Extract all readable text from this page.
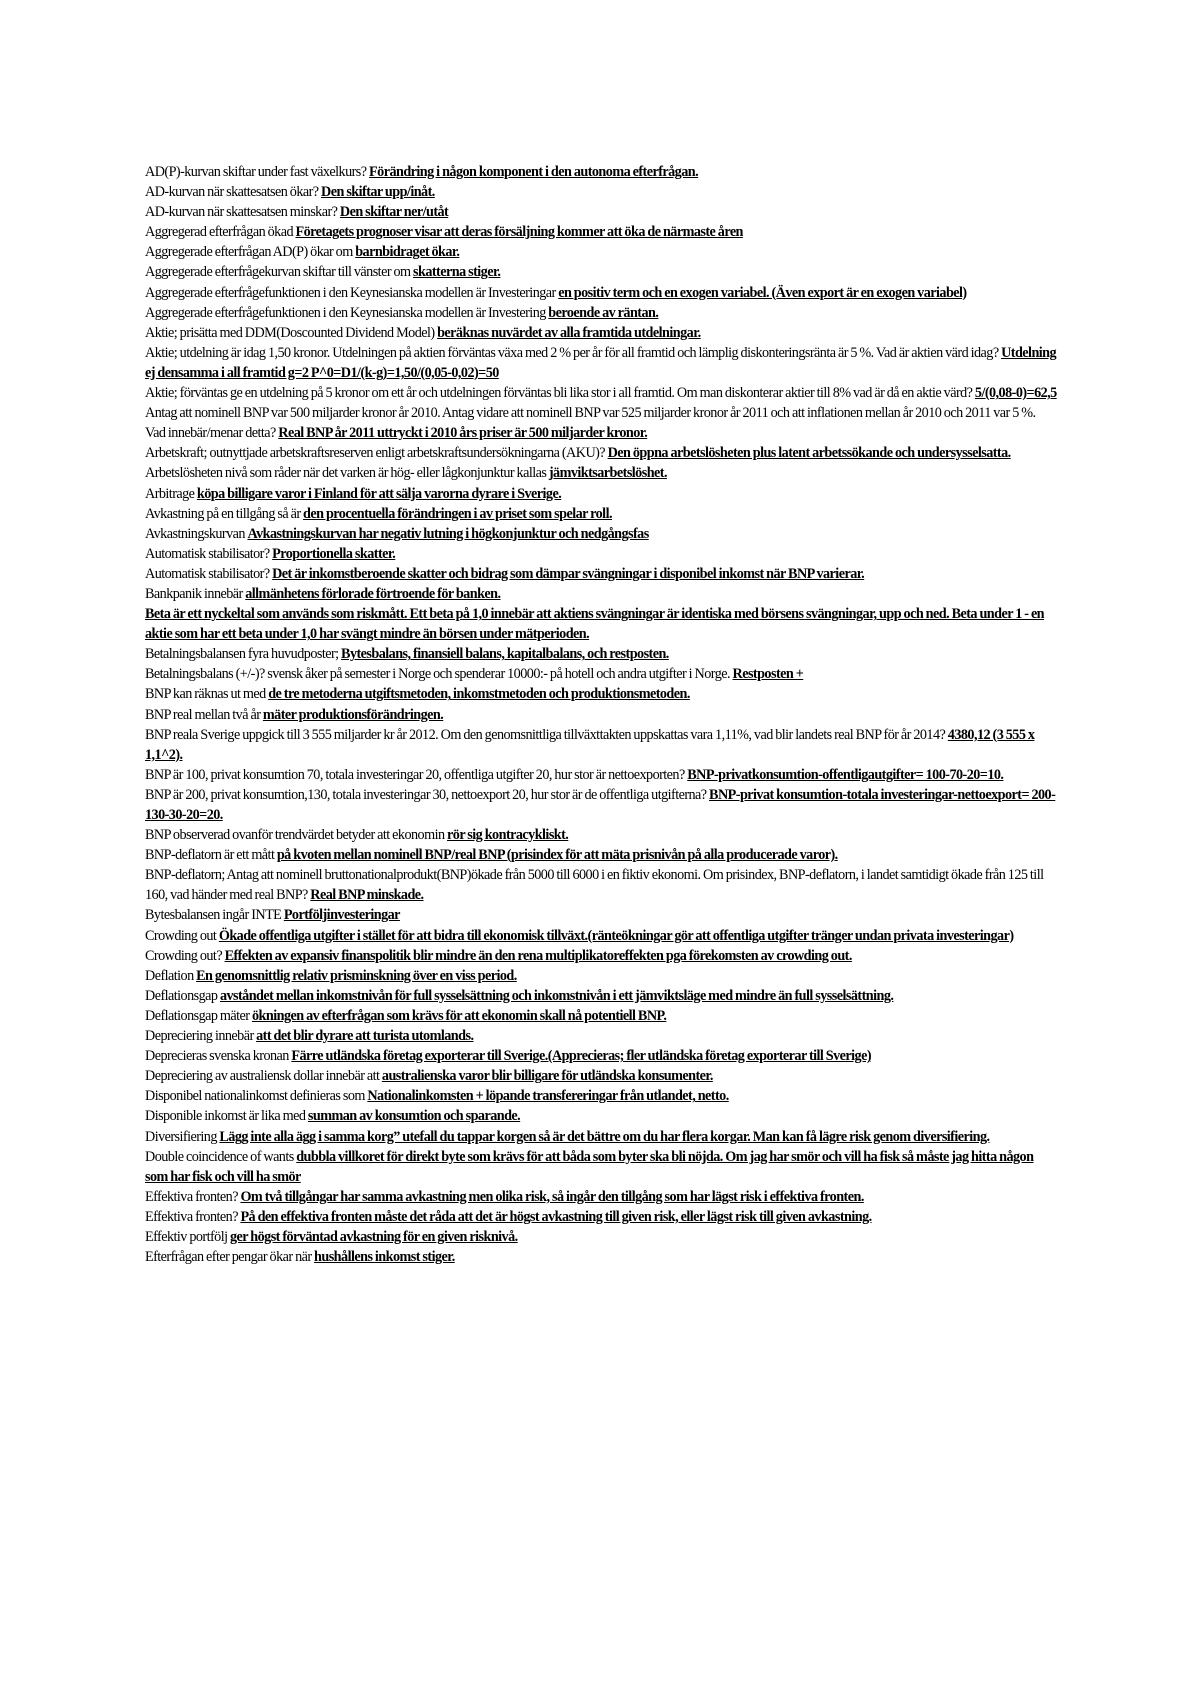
AD(P)-kurvan skiftar under fast växelkurs? Förändring i någon komponent i den autonoma efterfrågan.
AD-kurvan när skattesatsen ökar? Den skiftar upp/inåt.
AD-kurvan när skattesatsen minskar? Den skiftar ner/utåt
Aggregerad efterfrågan ökad Företagets prognoser visar att deras försäljning kommer att öka de närmaste åren
Aggregerade efterfrågan AD(P) ökar om barnbidraget ökar.
Aggregerade efterfrågekurvan skiftar till vänster om skatterna stiger.
Aggregerade efterfrågefunktionen i den Keynesianska modellen är Investeringar en positiv term och en exogen variabel. (Även export är en exogen variabel)
Aggregerade efterfrågefunktionen i den Keynesianska modellen är Investering beroende av räntan.
Aktie; prisätta med DDM(Doscounted Dividend Model) beräknas nuvärdet av alla framtida utdelningar.
Aktie; utdelning är idag 1,50 kronor. Utdelningen på aktien förväntas växa med 2 % per år för all framtid och lämplig diskonteringsränta är 5 %. Vad är aktien värd idag? Utdelning ej densamma i all framtid g=2 P^0=D1/(k-g)=1,50/(0,05-0,02)=50
Aktie; förväntas ge en utdelning på 5 kronor om ett år och utdelningen förväntas bli lika stor i all framtid. Om man diskonterar aktier till 8% vad är då en aktie värd? 5/(0,08-0)=62,5
Antag att nominell BNP var 500 miljarder kronor år 2010. Antag vidare att nominell BNP var 525 miljarder kronor år 2011 och att inflationen mellan år 2010 och 2011 var 5 %. Vad innebär/menar detta? Real BNP år 2011 uttryckt i 2010 års priser är 500 miljarder kronor.
Arbetskraft; outnyttjade arbetskraftsreserven enligt arbetskraftsundersökningarna (AKU)? Den öppna arbetslösheten plus latent arbetssökande och undersysselsatta.
Arbetslösheten nivå som råder när det varken är hög- eller lågkonjunktur kallas jämviktsarbetslöshet.
Arbitrage köpa billigare varor i Finland för att sälja varorna dyrare i Sverige.
Avkastning på en tillgång så är den procentuella förändringen i av priset som spelar roll.
Avkastningskurvan Avkastningskurvan har negativ lutning i högkonjunktur och nedgångsfas
Automatisk stabilisator? Proportionella skatter.
Automatisk stabilisator? Det är inkomstberoende skatter och bidrag som dämpar svängningar i disponibel inkomst när BNP varierar.
Bankpanik innebär allmänhetens förlorade förtroende för banken.
Beta är ett nyckeltal som används som riskmått. Ett beta på 1,0 innebär att aktiens svängningar är identiska med börsens svängningar, upp och ned. Beta under 1 - en aktie som har ett beta under 1,0 har svängt mindre än börsen under mätperioden.
Betalningsbalansen fyra huvudposter; Bytesbalans, finansiell balans, kapitalbalans, och restposten.
Betalningsbalans (+/-)? svensk åker på semester i Norge och spenderar 10000:- på hotell och andra utgifter i Norge. Restposten +
BNP kan räknas ut med de tre metoderna utgiftsmetoden, inkomstmetoden och produktionsmetoden.
BNP real mellan två år mäter produktionsförändringen.
BNP reala Sverige uppgick till 3 555 miljarder kr år 2012. Om den genomsnittliga tillväxttakten uppskattas vara 1,11%, vad blir landets real BNP för år 2014? 4380,12 (3 555 x 1,1^2).
BNP är 100, privat konsumtion 70, totala investeringar 20, offentliga utgifter 20, hur stor är nettoexporten? BNP-privatkonsumtion-offentligautgifter= 100-70-20=10.
BNP är 200, privat konsumtion,130, totala investeringar 30, nettoexport 20, hur stor är de offentliga utgifterna? BNP-privat konsumtion-totala investeringar-nettoexport= 200-130-30-20=20.
BNP observerad ovanför trendvärdet betyder att ekonomin rör sig kontracykliskt.
BNP-deflatorn är ett mått på kvoten mellan nominell BNP/real BNP (prisindex för att mäta prisnivån på alla producerade varor).
BNP-deflatorn; Antag att nominell bruttonationalprodukt(BNP)ökade från 5000 till 6000 i en fiktiv ekonomi. Om prisindex, BNP-deflatorn, i landet samtidigt ökade från 125 till 160, vad händer med real BNP? Real BNP minskade.
Bytesbalansen ingår INTE Portföljinvesteringar
Crowding out Ökade offentliga utgifter i stället för att bidra till ekonomisk tillväxt.(ränteökningar gör att offentliga utgifter tränger undan privata investeringar)
Crowding out? Effekten av expansiv finanspolitik blir mindre än den rena multiplikatoreffekten pga förekomsten av crowding out.
Deflation En genomsnittlig relativ prisminskning över en viss period.
Deflationsgap avståndet mellan inkomstnivån för full sysselsättning och inkomstnivån i ett jämviktsläge med mindre än full sysselsättning.
Deflationsgap mäter ökningen av efterfrågan som krävs för att ekonomin skall nå potentiell BNP.
Depreciering innebär att det blir dyrare att turista utomlands.
Deprecieras svenska kronan Färre utländska företag exporterar till Sverige.(Apprecieras; fler utländska företag exporterar till Sverige)
Depreciering av australiensk dollar innebär att australienska varor blir billigare för utländska konsumenter.
Disponibel nationalinkomst definieras som Nationalinkomsten + löpande transfereringar från utlandet, netto.
Disponible inkomst är lika med summan av konsumtion och sparande.
Diversifiering Lägg inte alla ägg i samma korg” utefall du tappar korgen så är det bättre om du har flera korgar. Man kan få lägre risk genom diversifiering.
Double coincidence of wants dubbla villkoret för direkt byte som krävs för att båda som byter ska bli nöjda. Om jag har smör och vill ha fisk så måste jag hitta någon som har fisk och vill ha smör
Effektiva fronten? Om två tillgångar har samma avkastning men olika risk, så ingår den tillgång som har lägst risk i effektiva fronten.
Effektiva fronten? På den effektiva fronten måste det råda att det är högst avkastning till given risk, eller lägst risk till given avkastning.
Effektiv portfölj ger högst förväntad avkastning för en given risknivå.
Efterfrågan efter pengar ökar när hushållens inkomst stiger.
